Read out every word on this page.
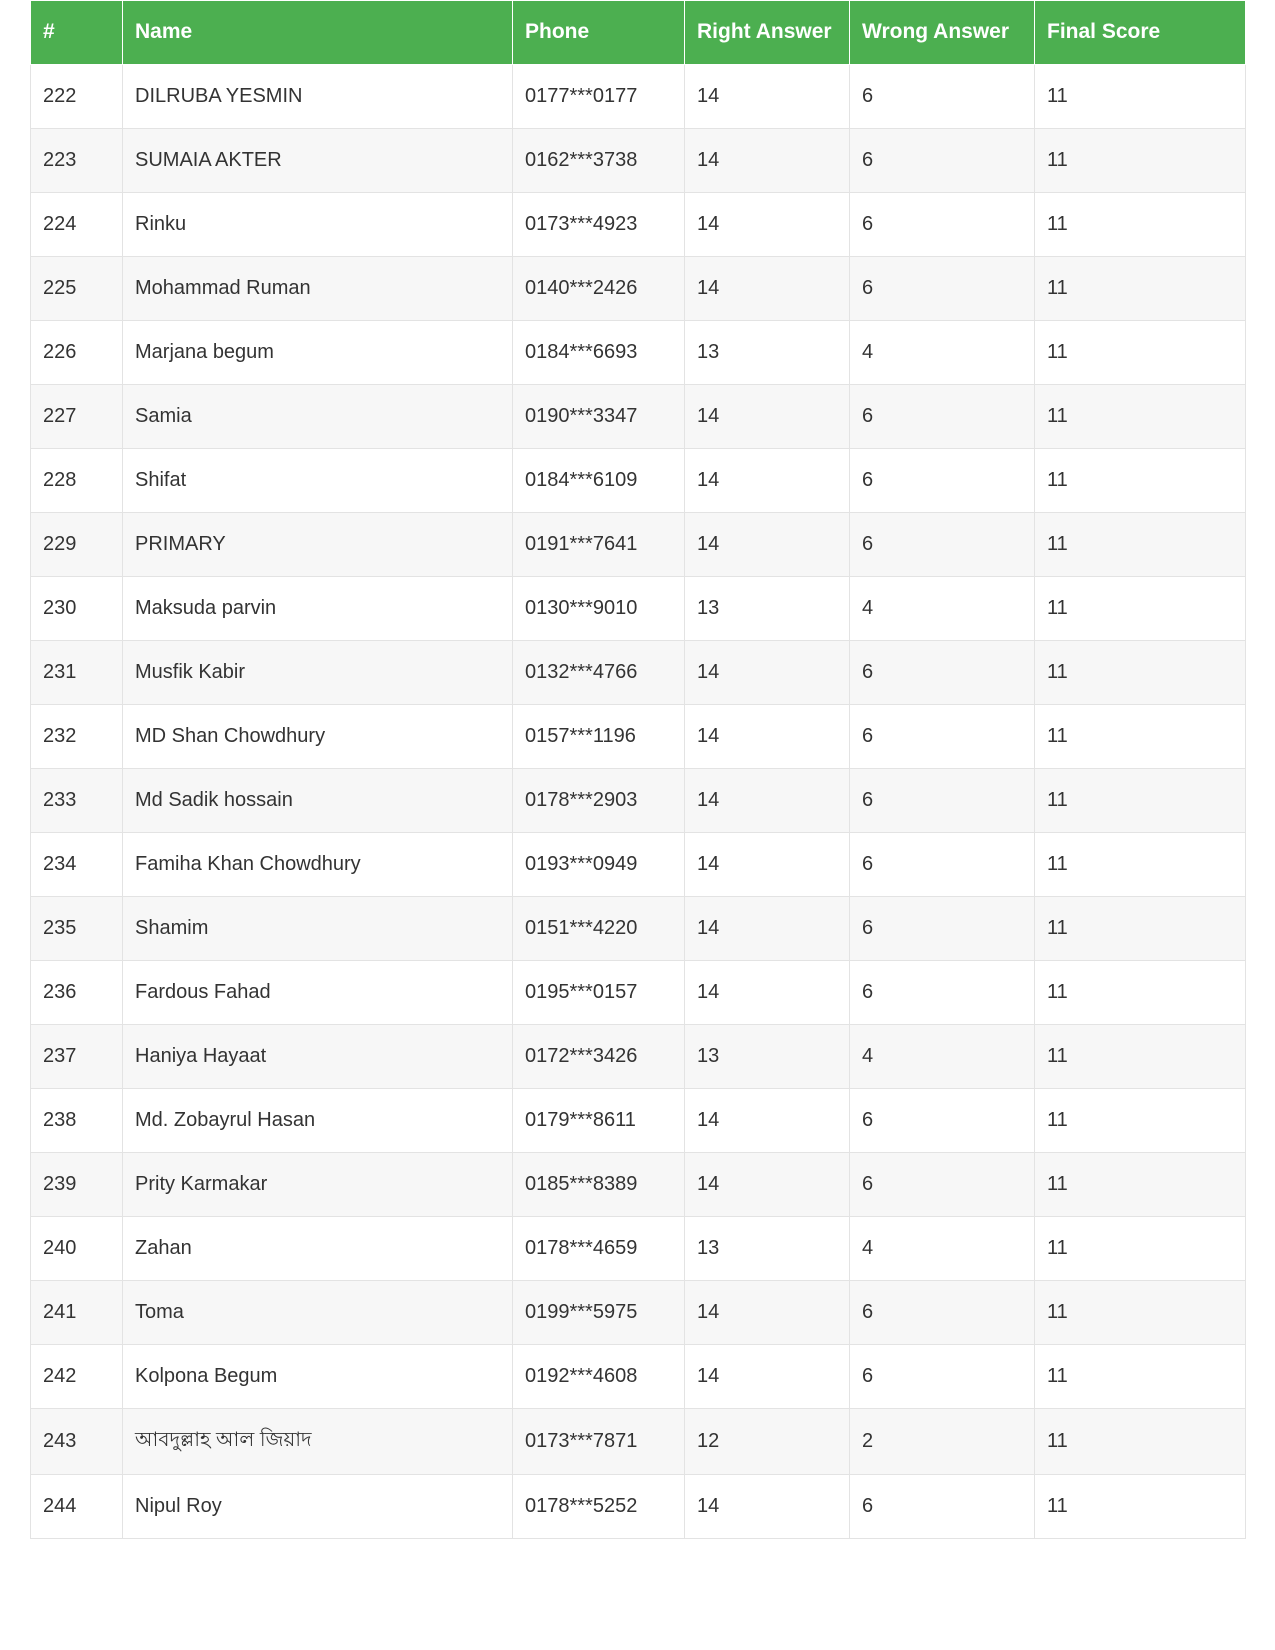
#	Name	Phone	Right Answer	Wrong Answer	Final Score
222	DILRUBA YESMIN	0177***0177	14	6	11
223	SUMAIA AKTER	0162***3738	14	6	11
224	Rinku	0173***4923	14	6	11
225	Mohammad Ruman	0140***2426	14	6	11
226	Marjana begum	0184***6693	13	4	11
227	Samia	0190***3347	14	6	11
228	Shifat	0184***6109	14	6	11
229	PRIMARY	0191***7641	14	6	11
230	Maksuda parvin	0130***9010	13	4	11
231	Musfik Kabir	0132***4766	14	6	11
232	MD Shan Chowdhury	0157***1196	14	6	11
233	Md Sadik hossain	0178***2903	14	6	11
234	Famiha Khan Chowdhury	0193***0949	14	6	11
235	Shamim	0151***4220	14	6	11
236	Fardous Fahad	0195***0157	14	6	11
237	Haniya Hayaat	0172***3426	13	4	11
238	Md. Zobayrul Hasan	0179***8611	14	6	11
239	Prity Karmakar	0185***8389	14	6	11
240	Zahan	0178***4659	13	4	11
241	Toma	0199***5975	14	6	11
242	Kolpona Begum	0192***4608	14	6	11
243	আবদুল্লাহ আল জিয়াদ	0173***7871	12	2	11
244	Nipul Roy	0178***5252	14	6	11
